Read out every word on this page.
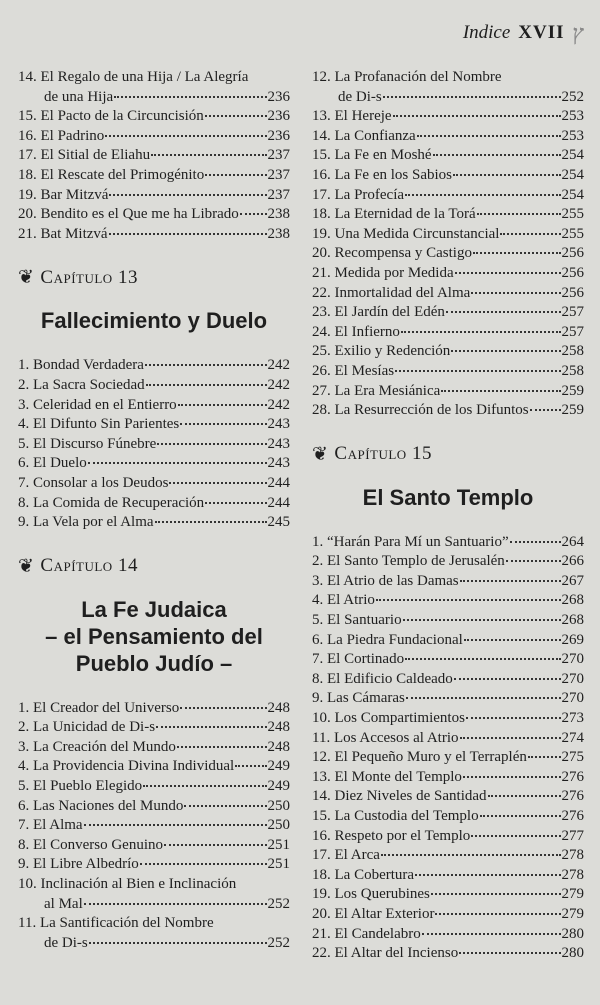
Indice XVII ץ
14. El Regalo de una Hija / La Alegría
de una Hija	236
15. El Pacto de la Circuncisión	236
16. El Padrino	236
17. El Sitial de Eliahu	237
18. El Rescate del Primogénito	237
19. Bar Mitzvá	237
20. Bendito es el Que me ha Librado 238
21. Bat Mitzvá	238
❦ Capítulo 13
Fallecimiento y Duelo
1. Bondad Verdadera	242
2. La Sacra Sociedad	242
3. Celeridad en el Entierro	242
4. El Difunto Sin Parientes	243
5. El Discurso Fúnebre	243
6. El Duelo	243
7. Consolar a los Deudos	244
8. La Comida de Recuperación	244
9. La Vela por el Alma	245
❦ Capítulo 14
La Fe Judaica
– el Pensamiento del
Pueblo Judío –
1. El Creador del Universo	248
2. La Unicidad de Di-s	248
3. La Creación del Mundo	248
4. La Providencia Divina Individual 249
5. El Pueblo Elegido	249
6. Las Naciones del Mundo	250
7. El Alma	250
8. El Converso Genuino	251
9. El Libre Albedrío	251
10. Inclinación al Bien e Inclinación
al Mal	252
11. La Santificación del Nombre
de Di-s	252
12. La Profanación del Nombre
de Di-s	252
13. El Hereje	253
14. La Confianza	253
15. La Fe en Moshé	254
16. La Fe en los Sabios	254
17. La Profecía	254
18. La Eternidad de la Torá	255
19. Una Medida Circunstancial	255
20. Recompensa y Castigo	256
21. Medida por Medida	256
22. Inmortalidad del Alma	256
23. El Jardín del Edén	257
24. El Infierno	257
25. Exilio y Redención	258
26. El Mesías	258
27. La Era Mesiánica	259
28. La Resurrección de los Difuntos 259
❦ Capítulo 15
El Santo Templo
1. “Harán Para Mí un Santuario”	264
2. El Santo Templo de Jerusalén	266
3. El Atrio de las Damas	267
4. El Atrio	268
5. El Santuario	268
6. La Piedra Fundacional	269
7. El Cortinado	270
8. El Edificio Caldeado	270
9. Las Cámaras	270
10. Los Compartimientos	273
11. Los Accesos al Atrio	274
12. El Pequeño Muro y el Terraplén 275
13. El Monte del Templo	276
14. Diez Niveles de Santidad	276
15. La Custodia del Templo	276
16. Respeto por el Templo	277
17. El Arca	278
18. La Cobertura	278
19. Los Querubines	279
20. El Altar Exterior	279
21. El Candelabro	280
22. El Altar del Incienso	280
